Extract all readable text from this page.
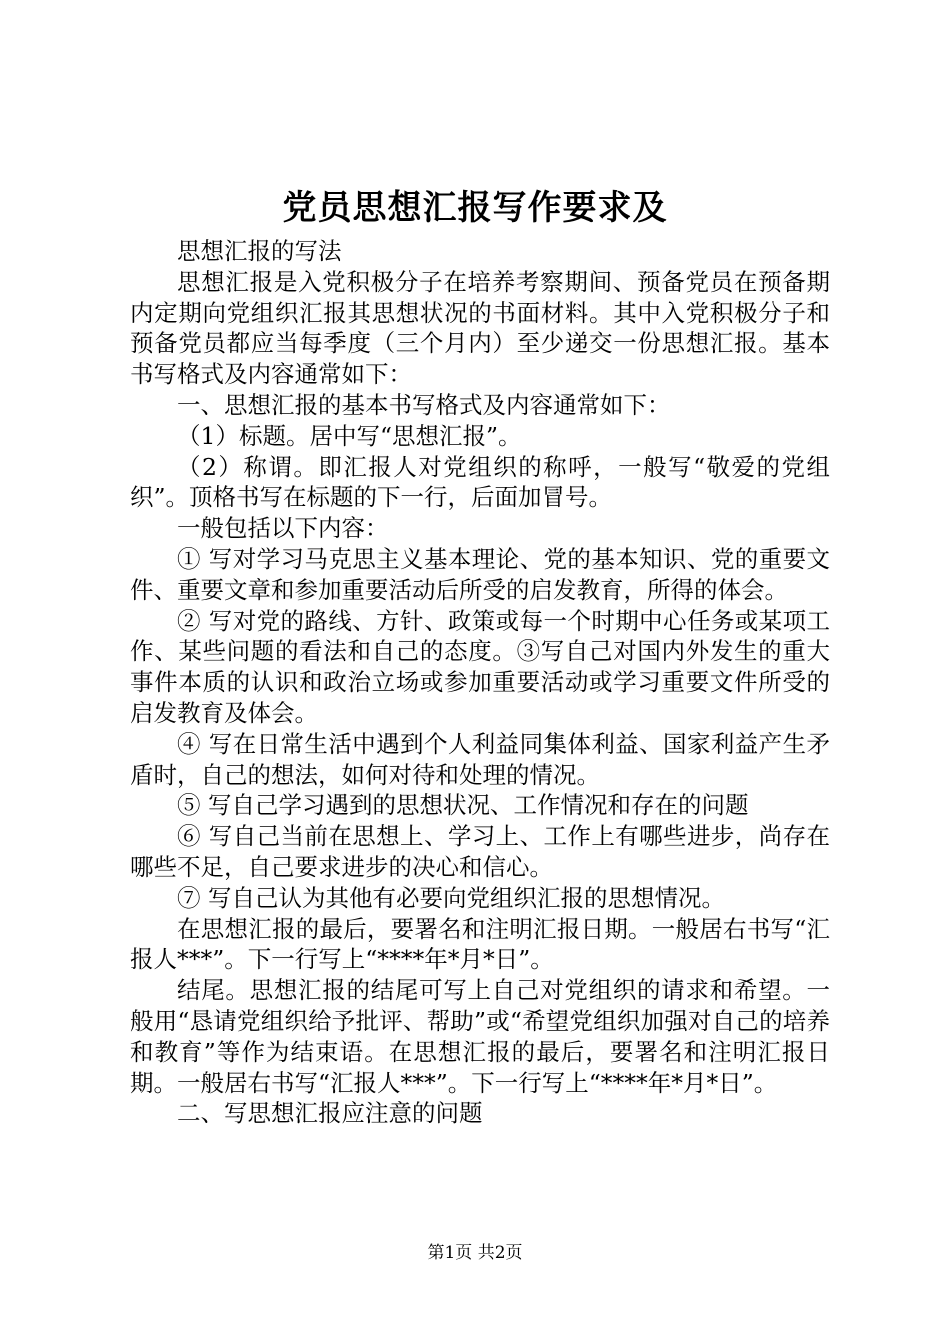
党员思想汇报写作要求及

思想汇报的写法

思想汇报是入党积极分子在培养考察期间、预备党员在预备期内定期向党组织汇报其思想状况的书面材料。其中入党积极分子和预备党员都应当每季度（三个月内）至少递交一份思想汇报。基本书写格式及内容通常如下：

一、思想汇报的基本书写格式及内容通常如下：

（1）标题。居中写“思想汇报”。

（2）称谓。即汇报人对党组织的称呼，一般写“敬爱的党组织”。顶格书写在标题的下一行，后面加冒号。

一般包括以下内容：

① 写对学习马克思主义基本理论、党的基本知识、党的重要文件、重要文章和参加重要活动后所受的启发教育，所得的体会。

② 写对党的路线、方针、政策或每一个时期中心任务或某项工作、某些问题的看法和自己的态度。③写自己对国内外发生的重大事件本质的认识和政治立场或参加重要活动或学习重要文件所受的启发教育及体会。

④ 写在日常生活中遇到个人利益同集体利益、国家利益产生矛盾时，自己的想法，如何对待和处理的情况。

⑤ 写自己学习遇到的思想状况、工作情况和存在的问题

⑥ 写自己当前在思想上、学习上、工作上有哪些进步，尚存在哪些不足，自己要求进步的决心和信心。

⑦ 写自己认为其他有必要向党组织汇报的思想情况。

在思想汇报的最后，要署名和注明汇报日期。一般居右书写“汇报人***”。下一行写上“****年*月*日”。

结尾。思想汇报的结尾可写上自己对党组织的请求和希望。一般用“恳请党组织给予批评、帮助”或“希望党组织加强对自己的培养和教育”等作为结束语。在思想汇报的最后，要署名和注明汇报日期。一般居右书写“汇报人***”。下一行写上“****年*月*日”。

二、写思想汇报应注意的问题

第1页 共2页
